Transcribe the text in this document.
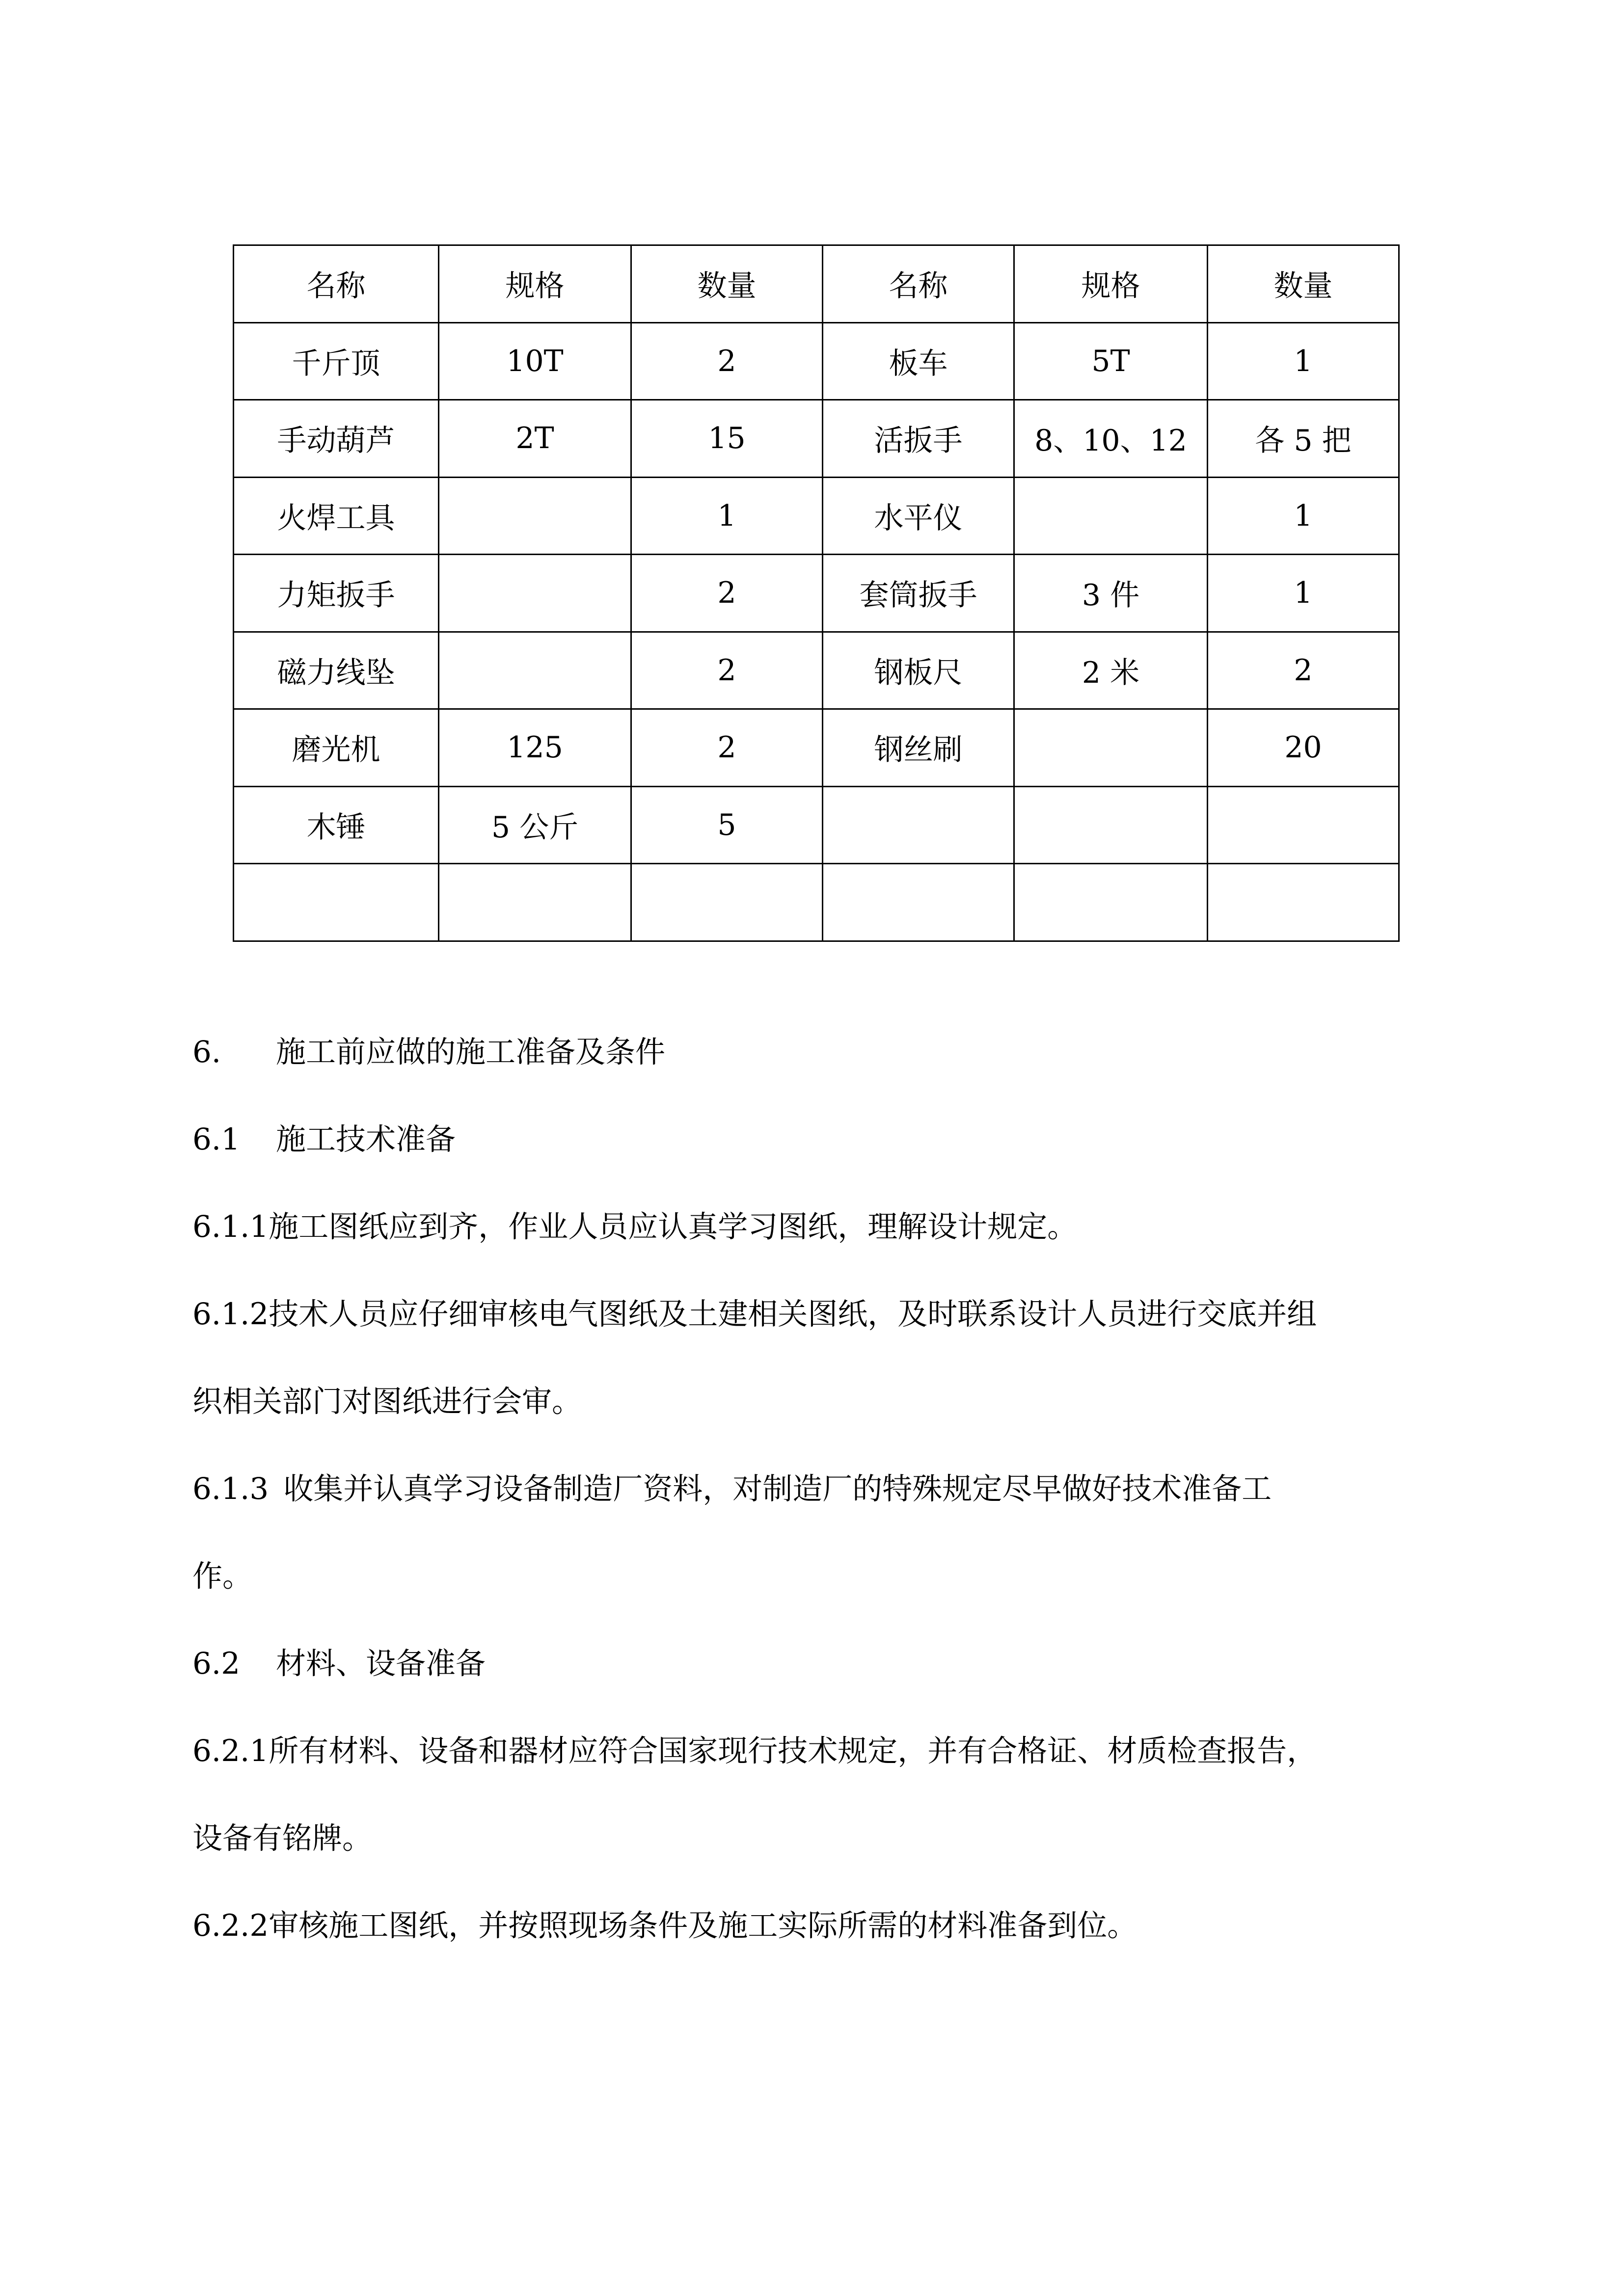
名称	规格	数量	名称	规格	数量
千斤顶	10T	2	板车	5T	1
手动葫芦	2T	15	活扳手	8、10、12	各 5 把
火焊工具		1	水平仪		1
力矩扳手		2	套筒扳手	3 件	1
磁力线坠		2	钢板尺	2 米	2
磨光机	125	2	钢丝刷		20
木锤	5 公斤	5			

6. 施工前应做的施工准备及条件

6.1 施工技术准备

6.1.1施工图纸应到齐，作业人员应认真学习图纸，理解设计规定。

6.1.2技术人员应仔细审核电气图纸及土建相关图纸，及时联系设计人员进行交底并组

织相关部门对图纸进行会审。

6.1.3 收集并认真学习设备制造厂资料，对制造厂的特殊规定尽早做好技术准备工

作。

6.2 材料、设备准备

6.2.1所有材料、设备和器材应符合国家现行技术规定，并有合格证、材质检查报告，

设备有铭牌。

6.2.2审核施工图纸，并按照现场条件及施工实际所需的材料准备到位。
